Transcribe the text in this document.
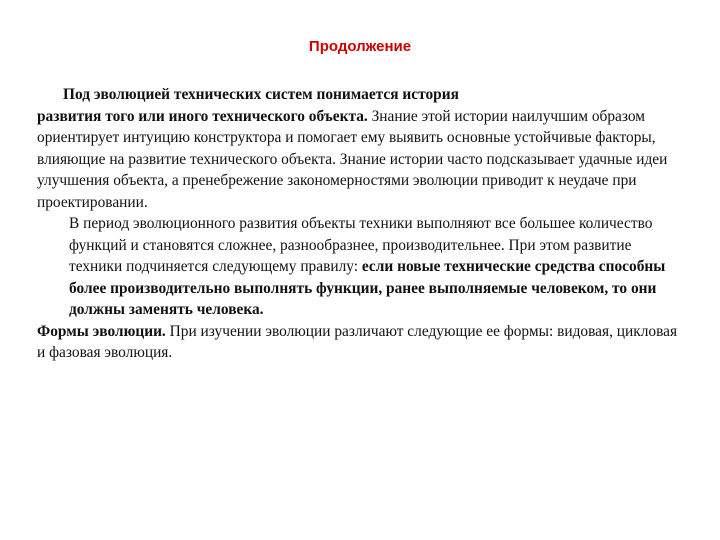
Продолжение

Под эволюцией технических систем понимается история

развития того или иного технического объекта. Знание этой истории наилучшим образом ориентирует интуицию конструктора и помогает ему выявить основные устойчивые факторы, влияющие на развитие технического объекта. Знание истории часто подсказывает удачные идеи улучшения объекта, а пренебрежение закономерностями эволюции приводит к неудаче при проектировании.

В период эволюционного развития объекты техники выполняют все большее количество функций и становятся сложнее, разнообразнее, производительнее. При этом развитие техники подчиняется следующему правилу: если новые технические средства способны более производительно выполнять функции, ранее выполняемые человеком, то они должны заменять человека.

Формы эволюции. При изучении эволюции различают следующие ее формы: видовая, цикловая и фазовая эволюция.
